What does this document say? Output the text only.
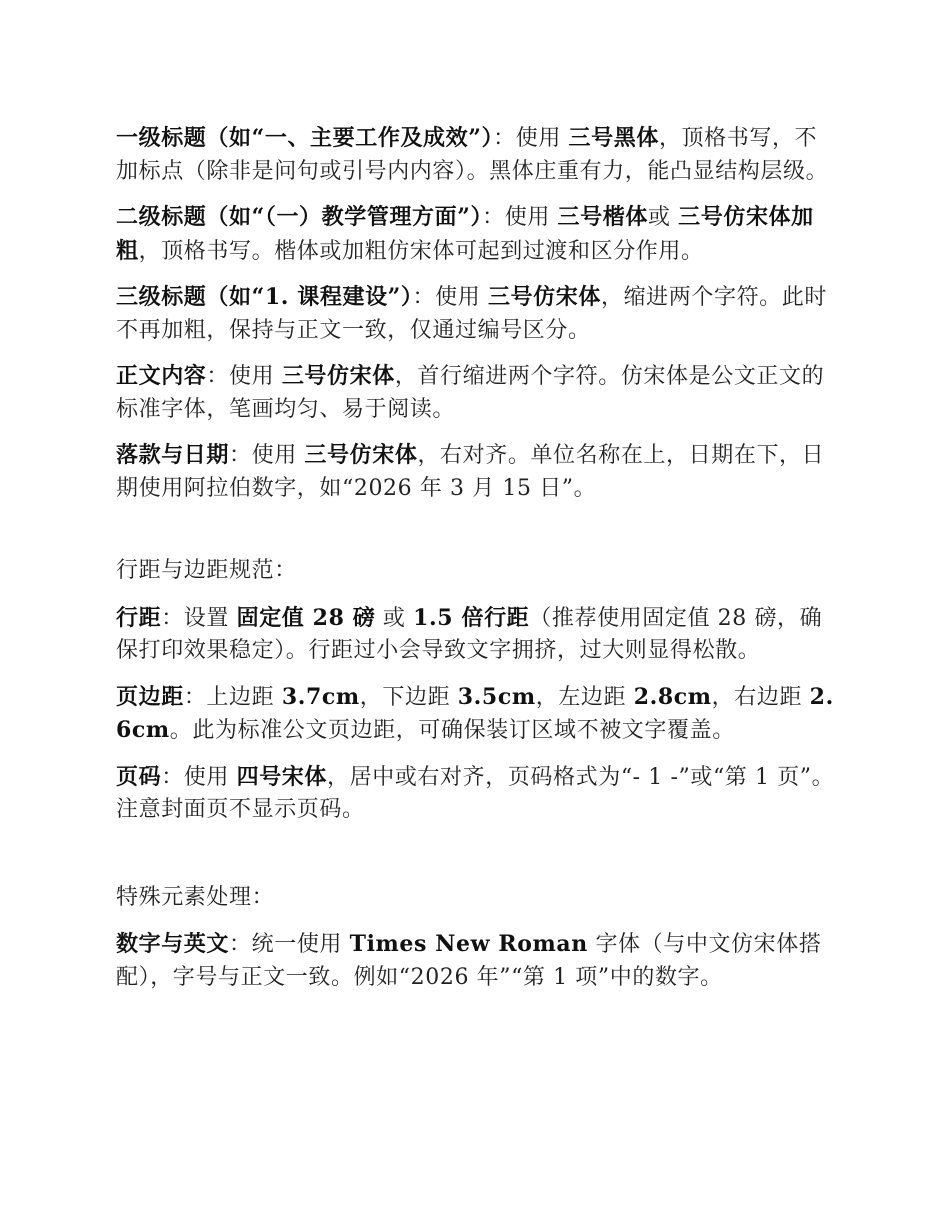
一级标题（如“一、主要工作及成效”）：使用 三号黑体，顶格书写，不加标点（除非是问句或引号内内容）。黑体庄重有力，能凸显结构层级。

二级标题（如“（一）教学管理方面”）：使用 三号楷体或 三号仿宋体加粗，顶格书写。楷体或加粗仿宋体可起到过渡和区分作用。

三级标题（如“1. 课程建设”）：使用 三号仿宋体，缩进两个字符。此时不再加粗，保持与正文一致，仅通过编号区分。

正文内容：使用 三号仿宋体，首行缩进两个字符。仿宋体是公文正文的标准字体，笔画均匀、易于阅读。

落款与日期：使用 三号仿宋体，右对齐。单位名称在上，日期在下，日期使用阿拉伯数字，如“2026 年 3 月 15 日”。

行距与边距规范：

行距：设置 固定值 28 磅 或 1.5 倍行距（推荐使用固定值 28 磅，确保打印效果稳定）。行距过小会导致文字拥挤，过大则显得松散。

页边距：上边距 3.7cm，下边距 3.5cm，左边距 2.8cm，右边距 2.6cm。此为标准公文页边距，可确保装订区域不被文字覆盖。

页码：使用 四号宋体，居中或右对齐，页码格式为“- 1 -”或“第 1 页”。注意封面页不显示页码。

特殊元素处理：

数字与英文：统一使用 Times New Roman 字体（与中文仿宋体搭配），字号与正文一致。例如“2026 年”“第 1 项”中的数字。
